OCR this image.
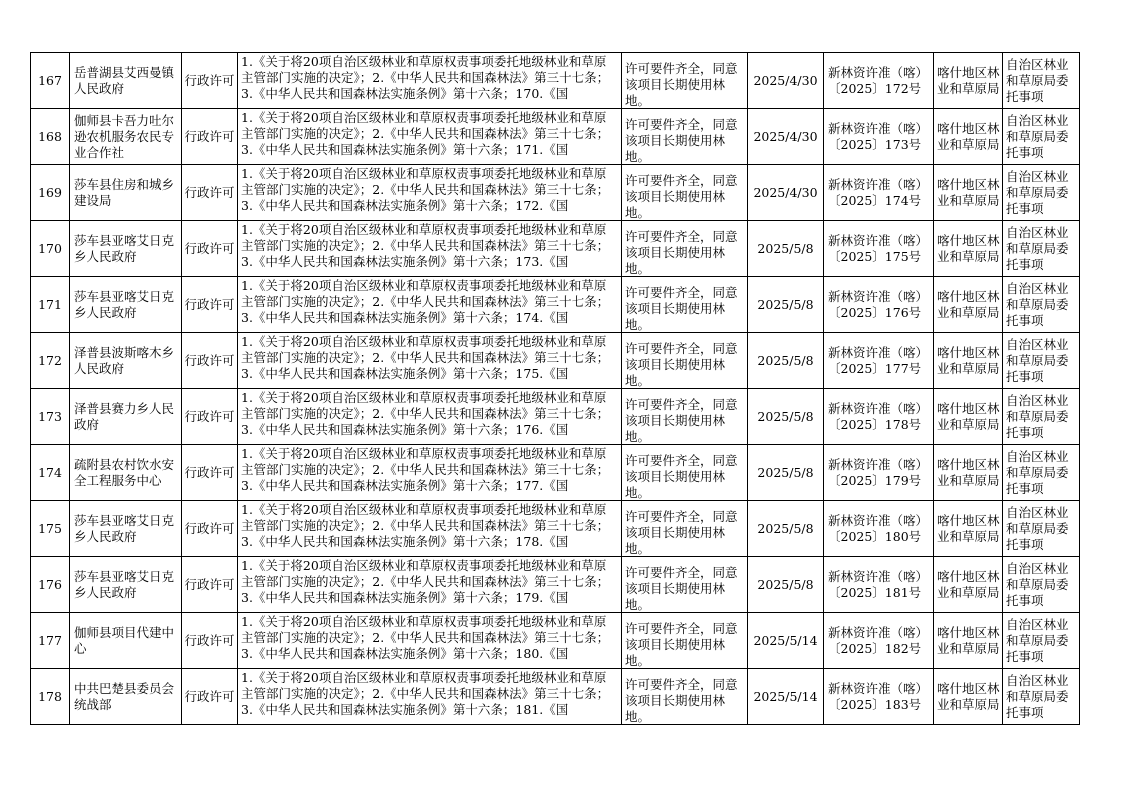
167	岳普湖县艾西曼镇人民政府	行政许可	1.《关于将20项自治区级林业和草原权责事项委托地级林业和草原主管部门实施的决定》；2.《中华人民共和国森林法》第三十七条；3.《中华人民共和国森林法实施条例》第十六条；170.《国	许可要件齐全，同意该项目长期使用林地。	2025/4/30	新林资许准（喀）〔2025〕172号	喀什地区林业和草原局	自治区林业和草原局委托事项
168	伽师县卡吾力吐尔逊农机服务农民专业合作社	行政许可	1.《关于将20项自治区级林业和草原权责事项委托地级林业和草原主管部门实施的决定》；2.《中华人民共和国森林法》第三十七条；3.《中华人民共和国森林法实施条例》第十六条；171.《国	许可要件齐全，同意该项目长期使用林地。	2025/4/30	新林资许准（喀）〔2025〕173号	喀什地区林业和草原局	自治区林业和草原局委托事项
169	莎车县住房和城乡建设局	行政许可	1.《关于将20项自治区级林业和草原权责事项委托地级林业和草原主管部门实施的决定》；2.《中华人民共和国森林法》第三十七条；3.《中华人民共和国森林法实施条例》第十六条；172.《国	许可要件齐全，同意该项目长期使用林地。	2025/4/30	新林资许准（喀）〔2025〕174号	喀什地区林业和草原局	自治区林业和草原局委托事项
170	莎车县亚喀艾日克乡人民政府	行政许可	1.《关于将20项自治区级林业和草原权责事项委托地级林业和草原主管部门实施的决定》；2.《中华人民共和国森林法》第三十七条；3.《中华人民共和国森林法实施条例》第十六条；173.《国	许可要件齐全，同意该项目长期使用林地。	2025/5/8	新林资许准（喀）〔2025〕175号	喀什地区林业和草原局	自治区林业和草原局委托事项
171	莎车县亚喀艾日克乡人民政府	行政许可	1.《关于将20项自治区级林业和草原权责事项委托地级林业和草原主管部门实施的决定》；2.《中华人民共和国森林法》第三十七条；3.《中华人民共和国森林法实施条例》第十六条；174.《国	许可要件齐全，同意该项目长期使用林地。	2025/5/8	新林资许准（喀）〔2025〕176号	喀什地区林业和草原局	自治区林业和草原局委托事项
172	泽普县波斯喀木乡人民政府	行政许可	1.《关于将20项自治区级林业和草原权责事项委托地级林业和草原主管部门实施的决定》；2.《中华人民共和国森林法》第三十七条；3.《中华人民共和国森林法实施条例》第十六条；175.《国	许可要件齐全，同意该项目长期使用林地。	2025/5/8	新林资许准（喀）〔2025〕177号	喀什地区林业和草原局	自治区林业和草原局委托事项
173	泽普县赛力乡人民政府	行政许可	1.《关于将20项自治区级林业和草原权责事项委托地级林业和草原主管部门实施的决定》；2.《中华人民共和国森林法》第三十七条；3.《中华人民共和国森林法实施条例》第十六条；176.《国	许可要件齐全，同意该项目长期使用林地。	2025/5/8	新林资许准（喀）〔2025〕178号	喀什地区林业和草原局	自治区林业和草原局委托事项
174	疏附县农村饮水安全工程服务中心	行政许可	1.《关于将20项自治区级林业和草原权责事项委托地级林业和草原主管部门实施的决定》；2.《中华人民共和国森林法》第三十七条；3.《中华人民共和国森林法实施条例》第十六条；177.《国	许可要件齐全，同意该项目长期使用林地。	2025/5/8	新林资许准（喀）〔2025〕179号	喀什地区林业和草原局	自治区林业和草原局委托事项
175	莎车县亚喀艾日克乡人民政府	行政许可	1.《关于将20项自治区级林业和草原权责事项委托地级林业和草原主管部门实施的决定》；2.《中华人民共和国森林法》第三十七条；3.《中华人民共和国森林法实施条例》第十六条；178.《国	许可要件齐全，同意该项目长期使用林地。	2025/5/8	新林资许准（喀）〔2025〕180号	喀什地区林业和草原局	自治区林业和草原局委托事项
176	莎车县亚喀艾日克乡人民政府	行政许可	1.《关于将20项自治区级林业和草原权责事项委托地级林业和草原主管部门实施的决定》；2.《中华人民共和国森林法》第三十七条；3.《中华人民共和国森林法实施条例》第十六条；179.《国	许可要件齐全，同意该项目长期使用林地。	2025/5/8	新林资许准（喀）〔2025〕181号	喀什地区林业和草原局	自治区林业和草原局委托事项
177	伽师县项目代建中心	行政许可	1.《关于将20项自治区级林业和草原权责事项委托地级林业和草原主管部门实施的决定》；2.《中华人民共和国森林法》第三十七条；3.《中华人民共和国森林法实施条例》第十六条；180.《国	许可要件齐全，同意该项目长期使用林地。	2025/5/14	新林资许准（喀）〔2025〕182号	喀什地区林业和草原局	自治区林业和草原局委托事项
178	中共巴楚县委员会统战部	行政许可	1.《关于将20项自治区级林业和草原权责事项委托地级林业和草原主管部门实施的决定》；2.《中华人民共和国森林法》第三十七条；3.《中华人民共和国森林法实施条例》第十六条；181.《国	许可要件齐全，同意该项目长期使用林地。	2025/5/14	新林资许准（喀）〔2025〕183号	喀什地区林业和草原局	自治区林业和草原局委托事项
